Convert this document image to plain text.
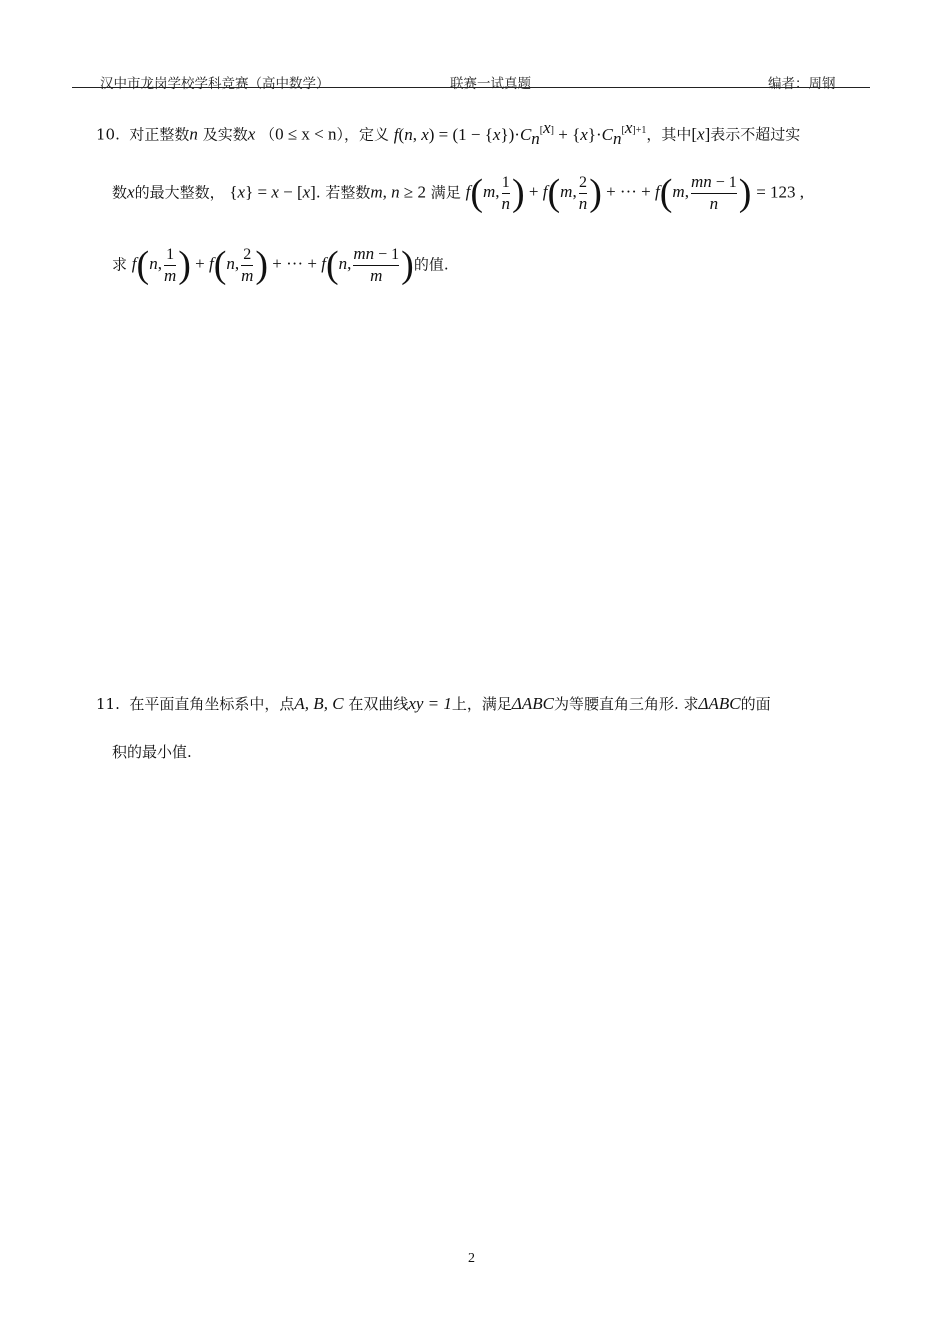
汉中市龙岗学校学科竞赛（高中数学）	联赛一试真题	编者：周钢
10. 对正整数n 及实数x （0 ≤ x < n），定义 f(n, $x) = (1 - \{x\})\cdot C_n[x] + \{x\}\cdot C_n^{[x]+1}$，其中[x]表示不超过实
数x的最大整数， {x} = x − [x]. 若整数m, n ≥ 2 满足 f(m, $\frac{1}{n}$ ) + f(m, $\frac{2}{n}$ ) + ··· + f(m, $\frac{mn - 1}{n}$ ) = 123 ,
求 f(n, $\frac{1}{m}$ ) + f(n, $\frac{2}{m}$ ) + ··· + f(n, $\frac{mn - 1}{m}$ )的值.
11. 在平面直角坐标系中，点A, B, C 在双曲线xy = 1上，满足ΔABC为等腰直角三角形. 求ΔABC的面
积的最小值.
2
